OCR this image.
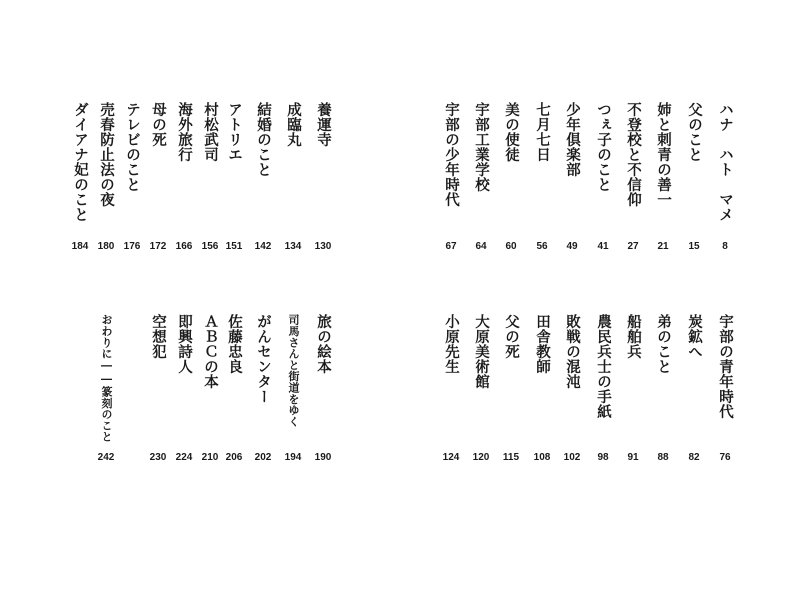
ハナ　ハト　マメ
8
父のこと
15
姉と刺青の善一
21
不登校と不信仰
27
つぇ子のこと
41
少年倶楽部
49
七月七日
56
美の使徒
60
宇部工業学校
64
宇部の少年時代
67
宇部の青年時代
76
炭鉱へ
82
弟のこと
88
船舶兵
91
農民兵士の手紙
98
敗戦の混沌
102
田舎教師
108
父の死
115
大原美術館
120
小原先生
124
養運寺
130
成臨丸
134
結婚のこと
142
アトリエ
151
村松武司
156
海外旅行
166
母の死
172
テレビのこと
176
売春防止法の夜
180
ダイアナ妃のこと
184
旅の絵本
190
司馬さんと街道をゆく
194
がんセンター
202
佐藤忠良
206
ＡＢＣの本
210
即興詩人
224
空想犯
230
おわりに――篆刻のこと
242
